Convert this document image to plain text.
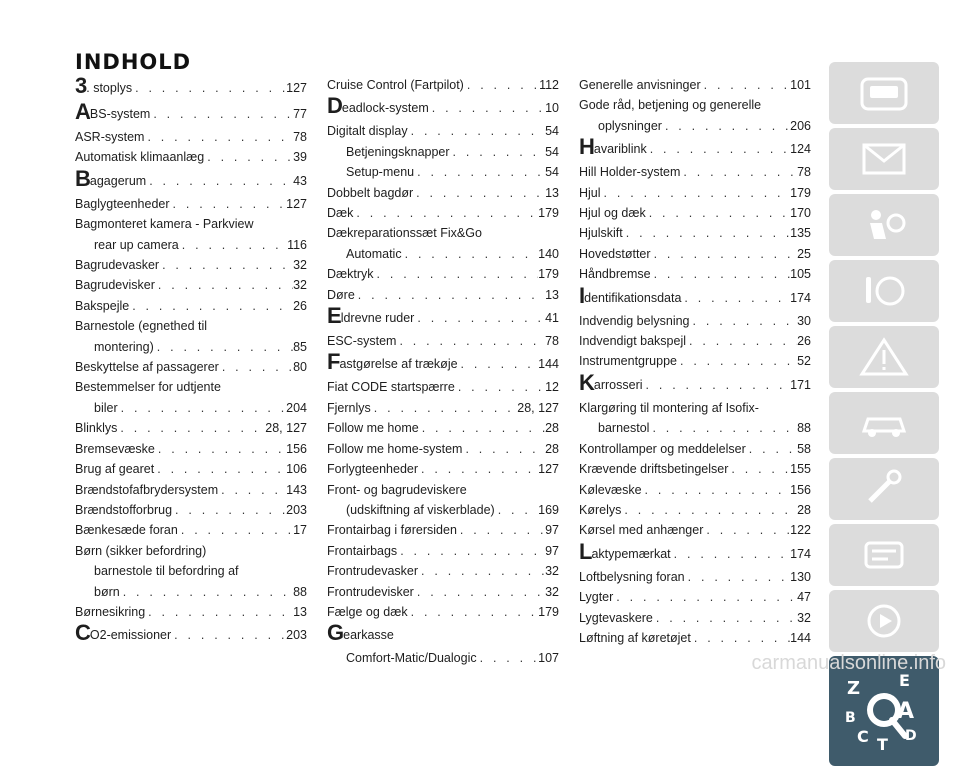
INDHOLD
3. stoplys . . .	127
ABS-system . . .	77
ASR-system . . .	78
Automatisk klimaanlæg . . .	39
Bagagerum . . .	43
Baglygteenheder . . .	127
Bagmonteret kamera - Parkview
rear up camera . . .	116
Bagrudevasker . . .	32
Bagrudevisker . . .	32
Bakspejle . . .	26
Barnestole (egnethed til
montering) . . .	85
Beskyttelse af passagerer . . .	80
Bestemmelser for udtjente
biler . . .	204
Blinklys . . .	28, 127
Bremsevæske . . .	156
Brug af gearet . . .	106
Brændstofafbrydersystem . . .	143
Brændstofforbrug . . .	203
Bænkesæde foran . . .	17
Børn (sikker befordring)
barnestole til befordring af
børn . . .	88
Børnesikring . . .	13
CO2-emissioner . . .	203
Cruise Control (Fartpilot) . . .	112
Deadlock-system . . .	10
Digitalt display . . .	54
Betjeningsknapper . . .	54
Setup-menu . . .	54
Dobbelt bagdør . . .	13
Dæk . . .	179
Dækreparationssæt Fix&Go
Automatic . . .	140
Dæktryk . . .	179
Døre . . .	13
Eldrevne ruder . . .	41
ESC-system . . .	78
Fastgørelse af trækøje . . .	144
Fiat CODE startspærre . . .	12
Fjernlys . . .	28, 127
Follow me home . . .	28
Follow me home-system . . .	28
Forlygteenheder . . .	127
Front- og bagrudeviskere
(udskiftning af viskerblade) . . .	169
Frontairbag i førersiden . . .	97
Frontairbags . . .	97
Frontrudevasker . . .	32
Frontrudevisker . . .	32
Fælge og dæk . . .	179
Gearkasse
Comfort-Matic/Dualogic . . .	107
Generelle anvisninger . . .	101
Gode råd, betjening og generelle
oplysninger . . .	206
Havariblink . . .	124
Hill Holder-system . . .	78
Hjul . . .	179
Hjul og dæk . . .	170
Hjulskift . . .	135
Hovedstøtter . . .	25
Håndbremse . . .	105
Identifikationsdata . . .	174
Indvendig belysning . . .	30
Indvendigt bakspejl . . .	26
Instrumentgruppe . . .	52
Karrosseri . . .	171
Klargøring til montering af Isofix-
barnestol . . .	88
Kontrollamper og meddelelser . . .	58
Krævende driftsbetingelser . . .	155
Kølevæske . . .	156
Kørelys . . .	28
Kørsel med anhænger . . .	122
Laktypemærkat . . .	174
Loftbelysning foran . . .	130
Lygter . . .	47
Lygtevaskere . . .	32
Løftning af køretøjet . . .	144
Z E
A
B
C T D
carmanualsonline.info
